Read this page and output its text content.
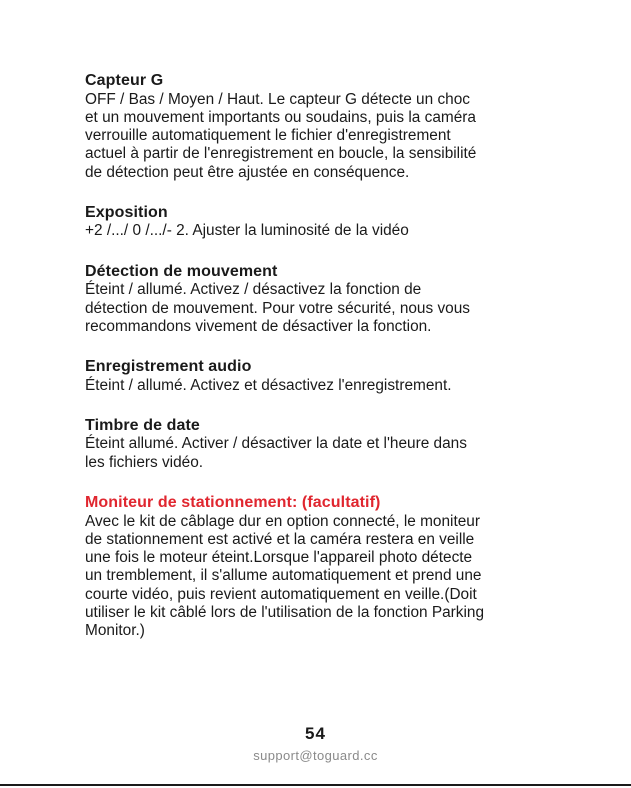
Capteur G

OFF / Bas / Moyen / Haut. Le capteur G détecte un choc
et un mouvement importants ou soudains, puis la caméra
verrouille automatiquement le fichier d'enregistrement
actuel à partir de l'enregistrement en boucle, la sensibilité
de détection peut être ajustée en conséquence.

Exposition

+2 /.../ 0 /.../- 2. Ajuster la luminosité de la vidéo

Détection de mouvement

Éteint / allumé. Activez / désactivez la fonction de
détection de mouvement. Pour votre sécurité, nous vous
recommandons vivement de désactiver la fonction.

Enregistrement audio

Éteint / allumé. Activez et désactivez l'enregistrement.

Timbre de date

Éteint allumé. Activer / désactiver la date et l'heure dans
les fichiers vidéo.

Moniteur de stationnement: (facultatif)

Avec le kit de câblage dur en option connecté, le moniteur
de stationnement est activé et la caméra restera en veille
une fois le moteur éteint.Lorsque l'appareil photo détecte
un tremblement, il s'allume automatiquement et prend une
courte vidéo, puis revient automatiquement en veille.(Doit
utiliser le kit câblé lors de l'utilisation de la fonction Parking
Monitor.)

54
support@toguard.cc
